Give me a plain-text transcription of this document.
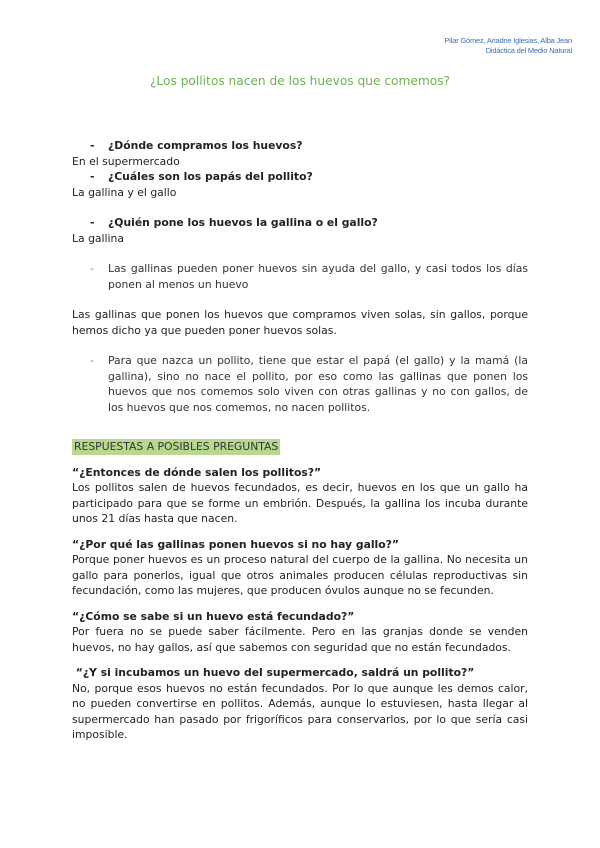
Pilar Gómez, Ariadne Iglesias, Alba Jean
Didáctica del Medio Natural
¿Los pollitos nacen de los huevos que comemos?
-	¿Dónde compramos los huevos?

En el supermercado

-	¿Cuáles son los papás del pollito?

La gallina y el gallo

-	¿Quién pone los huevos la gallina o el gallo?

La gallina

-	Las gallinas pueden poner huevos sin ayuda del gallo, y casi todos los días ponen al menos un huevo

Las gallinas que ponen los huevos que compramos viven solas, sin gallos, porque hemos dicho ya que pueden poner huevos solas.

-	Para que nazca un pollito, tiene que estar el papá (el gallo) y la mamá (la gallina), sino no nace el pollito, por eso como las gallinas que ponen los huevos que nos comemos solo viven con otras gallinas y no con gallos, de los huevos que nos comemos, no nacen pollitos.
RESPUESTAS A POSIBLES PREGUNTAS

“¿Entonces de dónde salen los pollitos?”

Los pollitos salen de huevos fecundados, es decir, huevos en los que un gallo ha participado para que se forme un embrión. Después, la gallina los incuba durante unos 21 días hasta que nacen.

“¿Por qué las gallinas ponen huevos si no hay gallo?”

Porque poner huevos es un proceso natural del cuerpo de la gallina. No necesita un gallo para ponerlos, igual que otros animales producen células reproductivas sin fecundación, como las mujeres, que producen óvulos aunque no se fecunden.

“¿Cómo se sabe si un huevo está fecundado?”

Por fuera no se puede saber fácilmente. Pero en las granjas donde se venden huevos, no hay gallos, así que sabemos con seguridad que no están fecundados.

“¿Y si incubamos un huevo del supermercado, saldrá un pollito?”

No, porque esos huevos no están fecundados. Por lo que aunque les demos calor, no pueden convertirse en pollitos. Además, aunque lo estuviesen, hasta llegar al supermercado han pasado por frigoríficos para conservarlos, por lo que sería casi imposible.
